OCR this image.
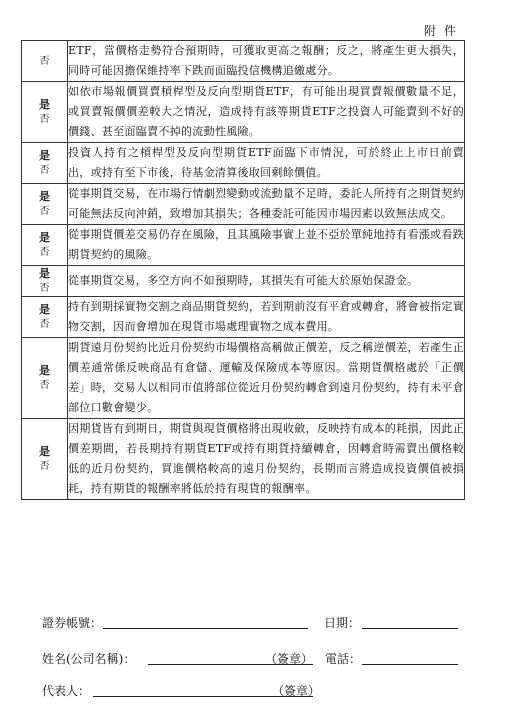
附件
否	ETF，當價格走勢符合預期時，可獲取更高之報酬；反之，將產生更大損失，同時可能因擔保維持率下跌而面臨投信機構追繳處分。

是
否	如依市場報價買賣槓桿型及反向型期貨ETF，有可能出現買賣報價數量不足，或買賣報價價差較大之情況，造成持有該等期貨ETF之投資人可能賣到不好的價錢、甚至面臨賣不掉的流動性風險。

是
否	投資人持有之槓桿型及反向型期貨ETF面臨下市情況，可於終止上市日前賣出，或持有至下市後，待基金清算後取回剩餘價值。

是
否	從事期貨交易，在市場行情劇烈變動或流動量不足時，委託人所持有之期貨契約可能無法反向沖銷，致增加其損失；各種委託可能因市場因素以致無法成交。

是
否	從事期貨價差交易仍存在風險，且其風險事實上並不亞於單純地持有看漲或看跌期貨契約的風險。

是
否	從事期貨交易，多空方向不如預期時，其損失有可能大於原始保證金。

是
否	持有到期採實物交割之商品期貨契約，若到期前沒有平倉或轉倉，將會被指定實物交割，因而會增加在現貨市場處理實物之成本費用。

是
否	期貨遠月份契約比近月份契約市場價格高稱做正價差，反之稱逆價差，若產生正價差通常係反映商品有倉儲、運輸及保險成本等原因。當期貨價格處於「正價差」時，交易人以相同市值將部位從近月份契約轉倉到遠月份契約，持有未平倉部位口數會變少。

是
否	因期貨皆有到期日，期貨與現貨價格將出現收斂，反映持有成本的耗損，因此正價差期間，若長期持有期貨ETF或持有期貨持續轉倉，因轉倉時需賣出價格較低的近月份契約，買進價格較高的遠月份契約，長期而言將造成投資價值被損耗，持有期貨的報酬率將低於持有現貨的報酬率。
證券帳號：	日期：
姓名(公司名稱)：	（簽章） 電話：
代表人：	（簽章）
